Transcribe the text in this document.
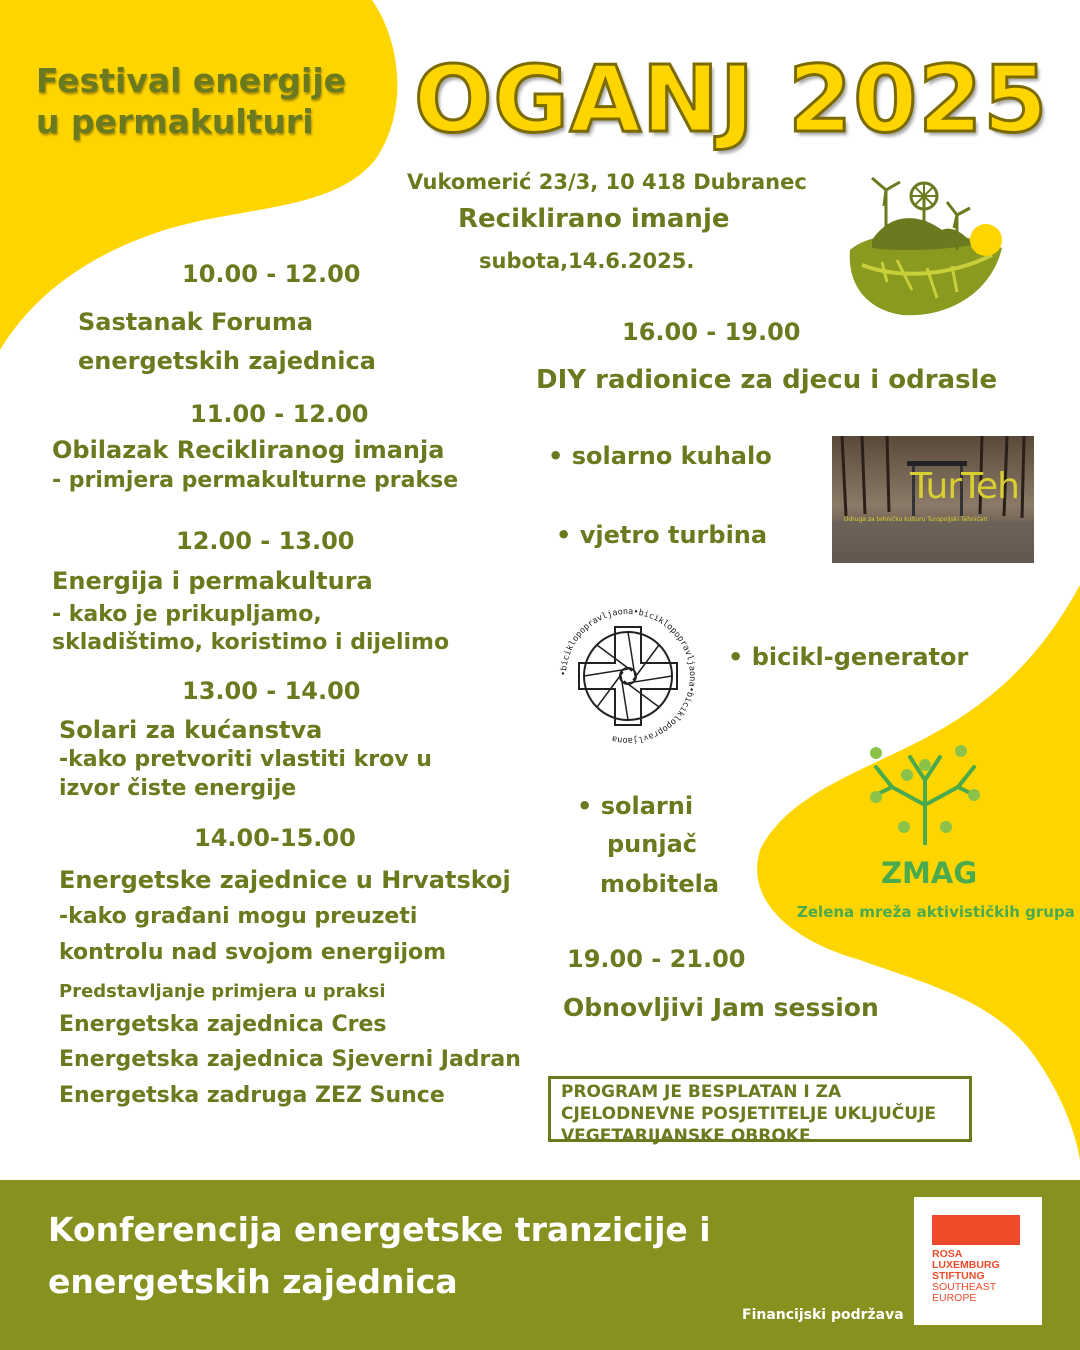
Festival energije
u permakulturi	OGANJ 2025
Vukomerić 23/3, 10 418 Dubranec
Reciklirano imanje
subota,14.6.2025.
10.00 - 12.00
Sastanak Foruma
energetskih zajednica
11.00 - 12.00
Obilazak Recikliranog imanja
- primjera permakulturne prakse
12.00 - 13.00
Energija i permakultura
- kako je prikupljamo,
skladištimo, koristimo i dijelimo
13.00 - 14.00
Solari za kućanstva
-kako pretvoriti vlastiti krov u
izvor čiste energije
14.00-15.00
Energetske zajednice u Hrvatskoj
-kako građani mogu preuzeti
kontrolu nad svojom energijom
Predstavljanje primjera u praksi
Energetska zajednica Cres
Energetska zajednica Sjeverni Jadran
Energetska zadruga ZEZ Sunce
16.00 - 19.00
DIY radionice za djecu i odrasle
• solarno kuhalo
• vjetro turbina
• bicikl-generator
• solarni
punjač
mobitela
19.00 - 21.00
Obnovljivi Jam session
TurTeh
Udruga za tehničku kulturu Turopoljski Tehničari
•biciklopopravljaona•biciklopopravljaona•biciklopopravljaona
ZMAG
Zelena mreža aktivističkih grupa
PROGRAM JE BESPLATAN I ZA
CJELODNEVNE POSJETITELJE UKLJUČUJE
VEGETARIJANSKE OBROKE
Konferencija energetske tranzicije i
energetskih zajednica
Financijski podržava
ROSA
LUXEMBURG
STIFTUNG
SOUTHEAST
EUROPE
